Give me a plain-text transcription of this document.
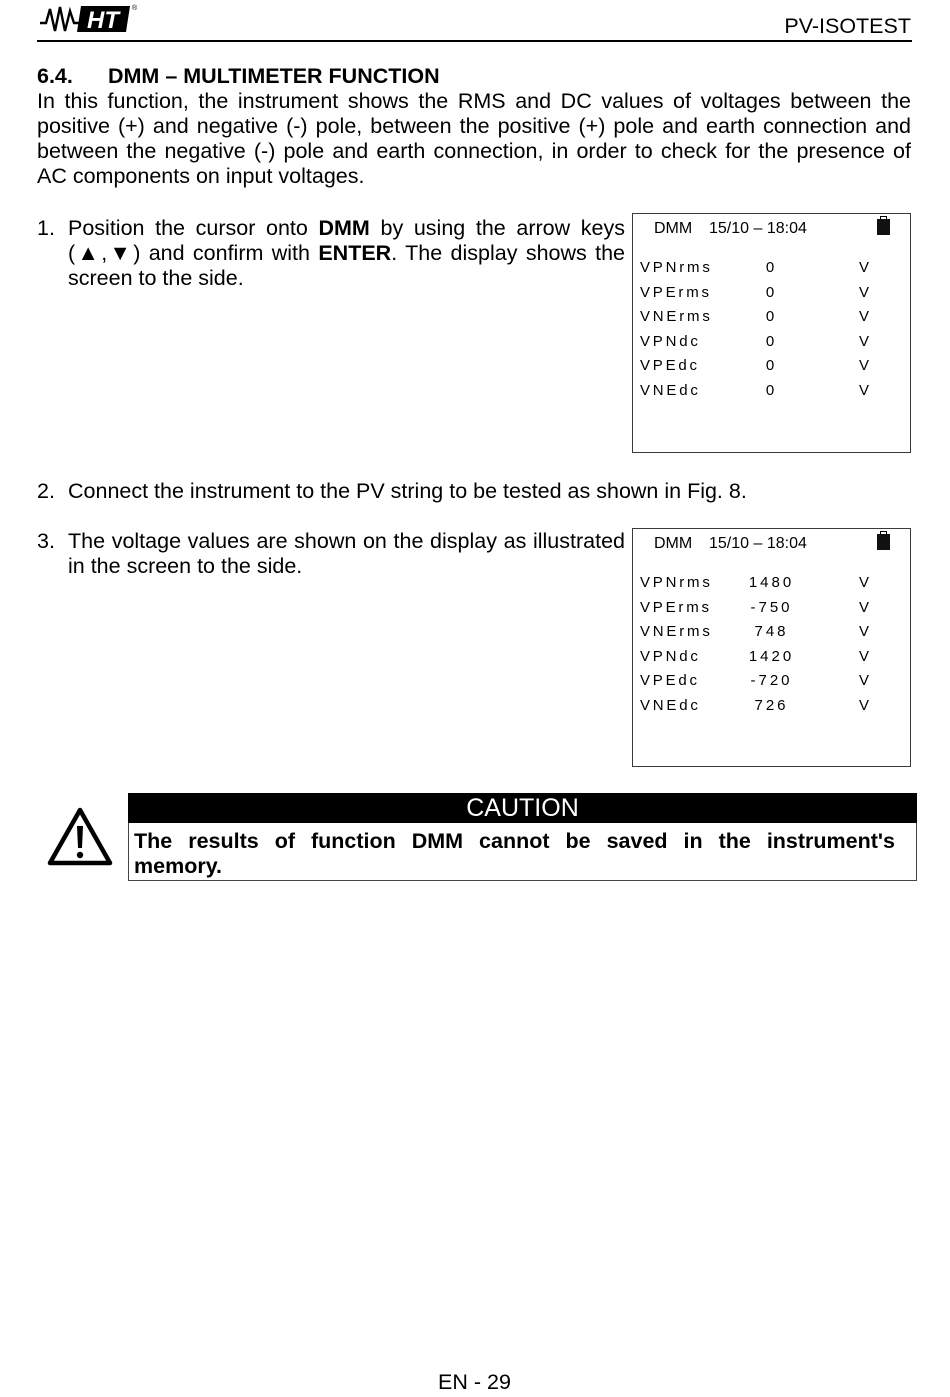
HT	®
PV-ISOTEST
6.4. DMM – MULTIMETER FUNCTION
In this function, the instrument shows the RMS and DC values of voltages between the
positive (+) and negative (-) pole, between the positive (+) pole and earth connection and
between the negative (-) pole and earth connection, in order to check for the presence of
AC components on input voltages.
1. Position the cursor onto DMM by using the arrow keys
(▲,▼) and confirm with ENTER. The display shows the
screen to the side.
DMM 15/10 – 18:04
VPNrms	0	V
VPErms	0	V
VNErms	0	V
VPNdc	0	V
VPEdc	0	V
VNEdc	0	V
2. Connect the instrument to the PV string to be tested as shown in Fig. 8.
3. The voltage values are shown on the display as illustrated
in the screen to the side.
DMM 15/10 – 18:04
VPNrms	1480	V
VPErms	-750	V
VNErms	748	V
VPNdc	1420	V
VPEdc	-720	V
VNEdc	726	V
CAUTION
The results of function DMM cannot be saved in the instrument's
memory.
EN - 29
